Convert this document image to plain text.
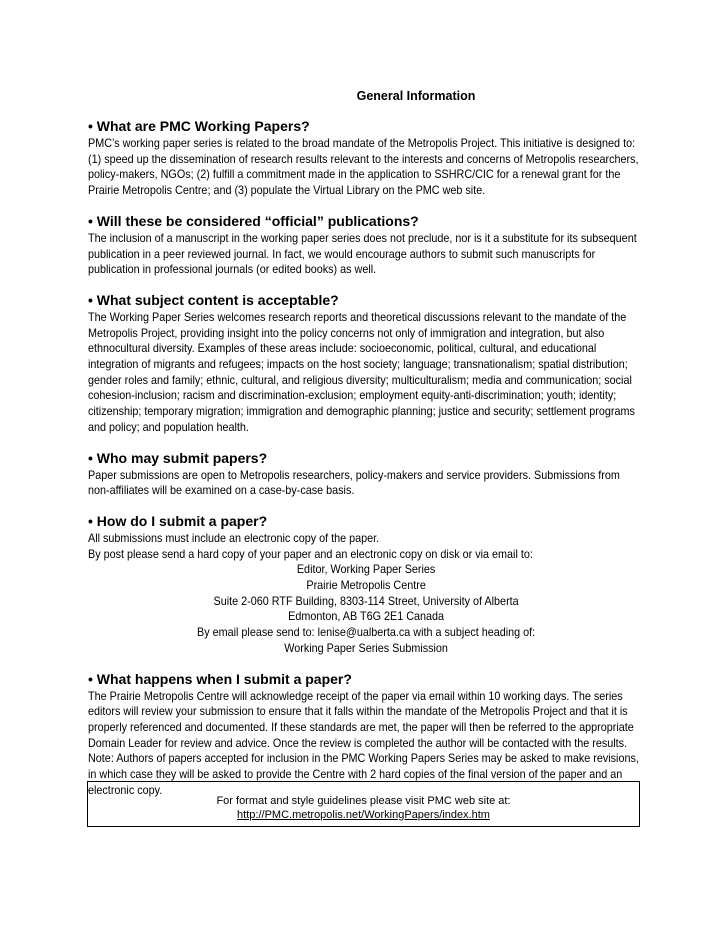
General Information

• What are PMC Working Papers?

PMC’s working paper series is related to the broad mandate of the Metropolis Project. This initiative is designed to: (1) speed up the dissemination of research results relevant to the interests and concerns of Metropolis researchers, policy-makers, NGOs; (2) fulfill a commitment made in the application to SSHRC/CIC for a renewal grant for the Prairie Metropolis Centre; and (3) populate the Virtual Library on the PMC web site.

• Will these be considered “official” publications?

The inclusion of a manuscript in the working paper series does not preclude, nor is it a substitute for its subsequent publication in a peer reviewed journal. In fact, we would encourage authors to submit such manuscripts for publication in professional journals (or edited books) as well.

• What subject content is acceptable?

The Working Paper Series welcomes research reports and theoretical discussions relevant to the mandate of the Metropolis Project, providing insight into the policy concerns not only of immigration and integration, but also ethnocultural diversity. Examples of these areas include: socioeconomic, political, cultural, and educational integration of migrants and refugees; impacts on the host society; language; transnationalism; spatial distribution; gender roles and family; ethnic, cultural, and religious diversity; multiculturalism; media and communication; social cohesion-inclusion; racism and discrimination-exclusion; employment equity-anti-discrimination; youth; identity; citizenship; temporary migration; immigration and demographic planning; justice and security; settlement programs and policy; and population health.

• Who may submit papers?

Paper submissions are open to Metropolis researchers, policy-makers and service providers. Submissions from non-affiliates will be examined on a case-by-case basis.

• How do I submit a paper?

All submissions must include an electronic copy of the paper.

By post please send a hard copy of your paper and an electronic copy on disk or via email to:

Editor, Working Paper Series
Prairie Metropolis Centre
Suite 2-060 RTF Building, 8303-114 Street, University of Alberta
Edmonton, AB T6G 2E1 Canada
By email please send to: lenise@ualberta.ca with a subject heading of:
Working Paper Series Submission

• What happens when I submit a paper?

The Prairie Metropolis Centre will acknowledge receipt of the paper via email within 10 working days. The series editors will review your submission to ensure that it falls within the mandate of the Metropolis Project and that it is properly referenced and documented. If these standards are met, the paper will then be referred to the appropriate Domain Leader for review and advice. Once the review is completed the author will be contacted with the results.

Note: Authors of papers accepted for inclusion in the PMC Working Papers Series may be asked to make revisions, in which case they will be asked to provide the Centre with 2 hard copies of the final version of the paper and an electronic copy.

For format and style guidelines please visit PMC web site at:
http://PMC.metropolis.net/WorkingPapers/index.htm
